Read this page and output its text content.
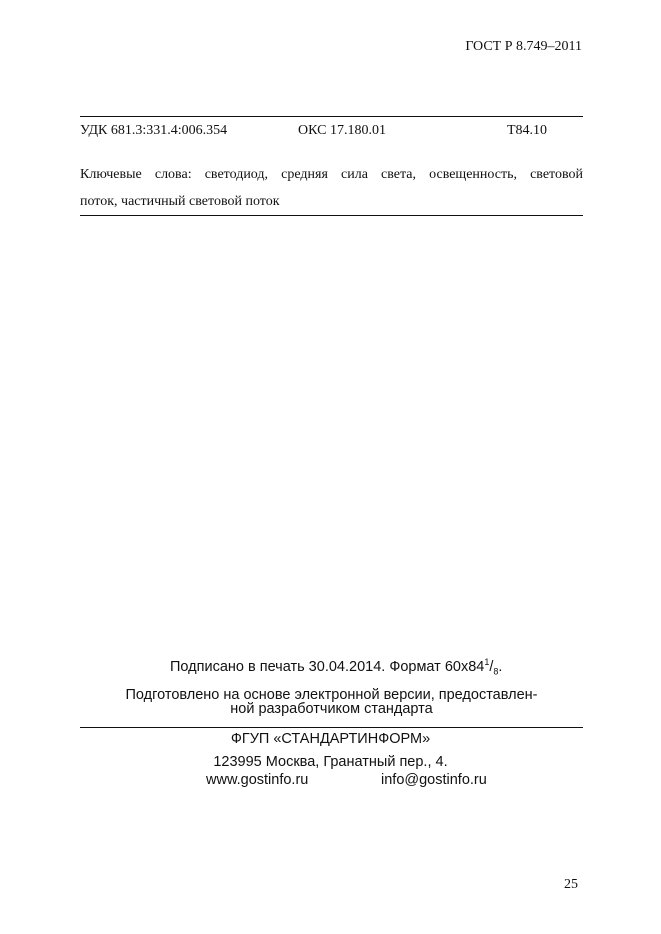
ГОСТ Р 8.749–2011
УДК 681.3:331.4:006.354	ОКС 17.180.01	Т84.10
Ключевые слова: светодиод, средняя сила света, освещенность, световой
поток, частичный световой поток
Подписано в печать 30.04.2014. Формат $60x84^1/_8$.
Подготовлено на основе электронной версии, предоставлен-
ной разработчиком стандарта
ФГУП «СТАНДАРТИНФОРМ»
123995 Москва, Гранатный пер., 4.
www.gostinfo.ru	info@gostinfo.ru
25
